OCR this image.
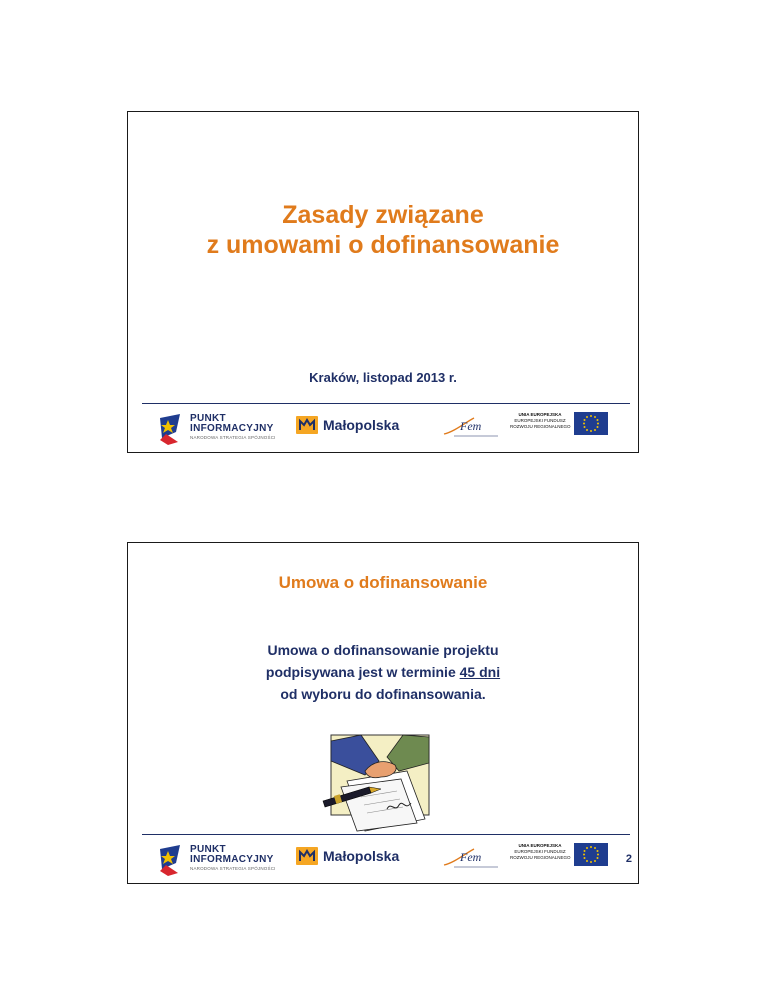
Zasady związane
z umowami o dofinansowanie
Kraków, listopad 2013 r.
PUNKT
INFORMACYJNY
NARODOWA STRATEGIA SPÓJNOŚCI
Małopolska	Fem
UNIA EUROPEJSKA
EUROPEJSKI FUNDUSZ
ROZWOJU REGIONALNEGO
Umowa o dofinansowanie
Umowa o dofinansowanie projektu
podpisywana jest w terminie 45 dni
od wyboru do dofinansowania.
PUNKT
INFORMACYJNY
NARODOWA STRATEGIA SPÓJNOŚCI
Małopolska	Fem
UNIA EUROPEJSKA
EUROPEJSKI FUNDUSZ
ROZWOJU REGIONALNEGO	2
